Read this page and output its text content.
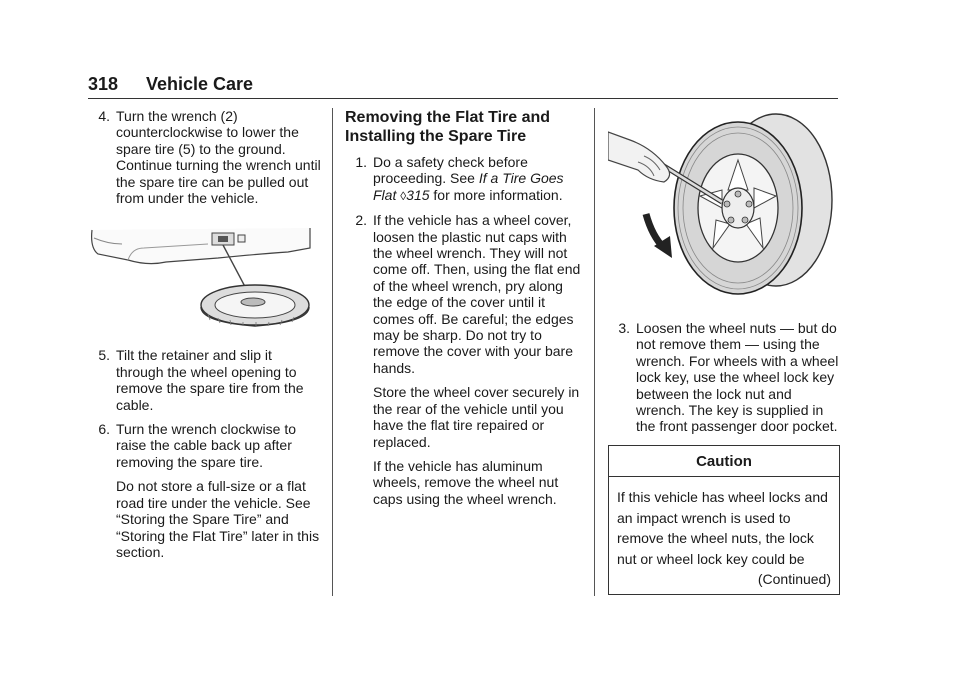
318 Vehicle Care
4. Turn the wrench (2) counterclockwise to lower the spare tire (5) to the ground. Continue turning the wrench until the spare tire can be pulled out from under the vehicle.
5. Tilt the retainer and slip it through the wheel opening to remove the spare tire from the cable.
6. Turn the wrench clockwise to raise the cable back up after removing the spare tire.
Do not store a full-size or a flat road tire under the vehicle. See “Storing the Spare Tire” and “Storing the Flat Tire” later in this section.
Removing the Flat Tire and Installing the Spare Tire
1. Do a safety check before proceeding. See If a Tire Goes Flat ◊315 for more information.
2. If the vehicle has a wheel cover, loosen the plastic nut caps with the wheel wrench. They will not come off. Then, using the flat end of the wheel wrench, pry along the edge of the cover until it comes off. Be careful; the edges may be sharp. Do not try to remove the cover with your bare hands.
Store the wheel cover securely in the rear of the vehicle until you have the flat tire repaired or replaced.
If the vehicle has aluminum wheels, remove the wheel nut caps using the wheel wrench.
3. Loosen the wheel nuts — but do not remove them — using the wrench. For wheels with a wheel lock key, use the wheel lock key between the lock nut and wrench. The key is supplied in the front passenger door pocket.
Caution
If this vehicle has wheel locks and an impact wrench is used to remove the wheel nuts, the lock nut or wheel lock key could be
(Continued)
